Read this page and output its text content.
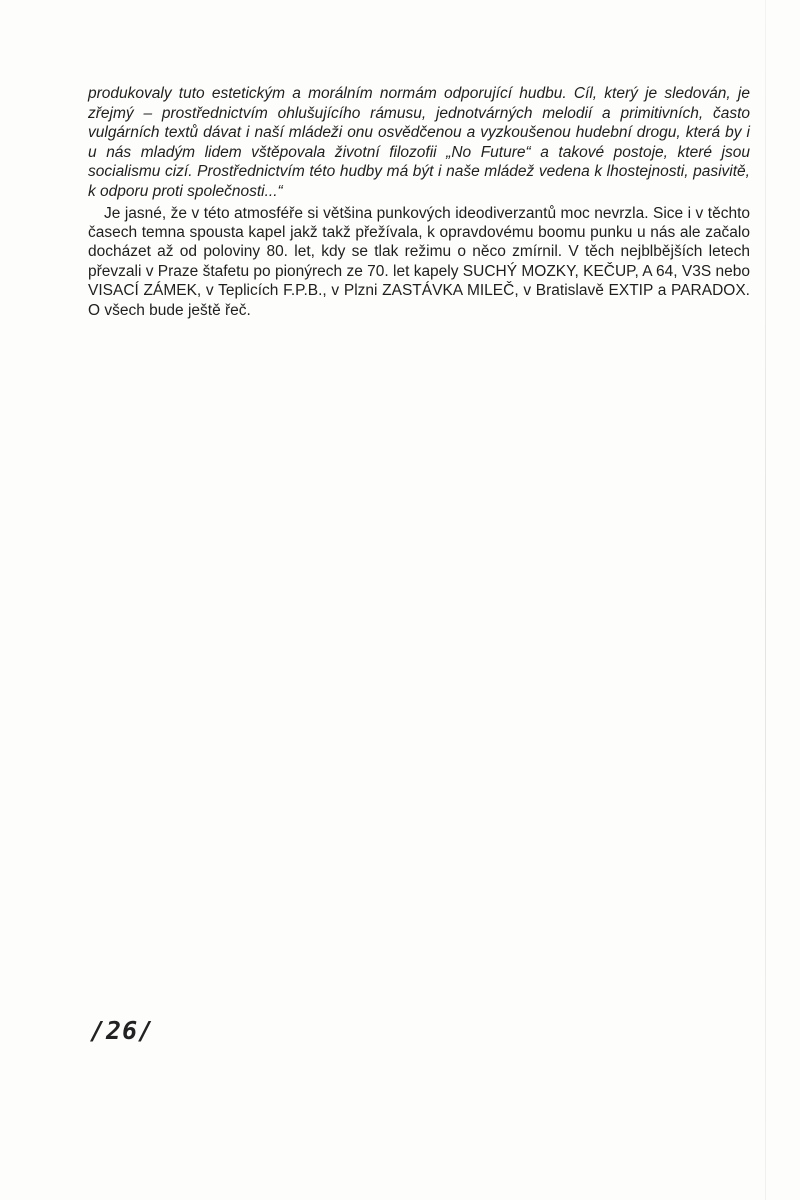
produkovaly tuto estetickým a morálním normám odporující hudbu. Cíl, který je sledován, je zřejmý – prostřednictvím ohlušujícího rámusu, jednotvárných melodií a primitivních, často vulgárních textů dávat i naší mládeži onu osvědčenou a vyzkoušenou hudební drogu, která by i u nás mladým lidem vštěpovala životní filozofii „No Future“ a takové postoje, které jsou socialismu cizí. Prostřednictvím této hudby má být i naše mládež vedena k lhostejnosti, pasivitě, k odporu proti společnosti...“

Je jasné, že v této atmosféře si většina punkových ideodiverzantů moc nevrzla. Sice i v těchto časech temna spousta kapel jakž takž přežívala, k opravdovému boomu punku u nás ale začalo docházet až od poloviny 80. let, kdy se tlak režimu o něco zmírnil. V těch nejblbějších letech převzali v Praze štafetu po pionýrech ze 70. let kapely SUCHÝ MOZKY, KEČUP, A 64, V3S nebo VISACÍ ZÁMEK, v Teplicích F.P.B., v Plzni ZASTÁVKA MILEČ, v Bratislavě EXTIP a PARADOX. O všech bude ještě řeč.

/26/
